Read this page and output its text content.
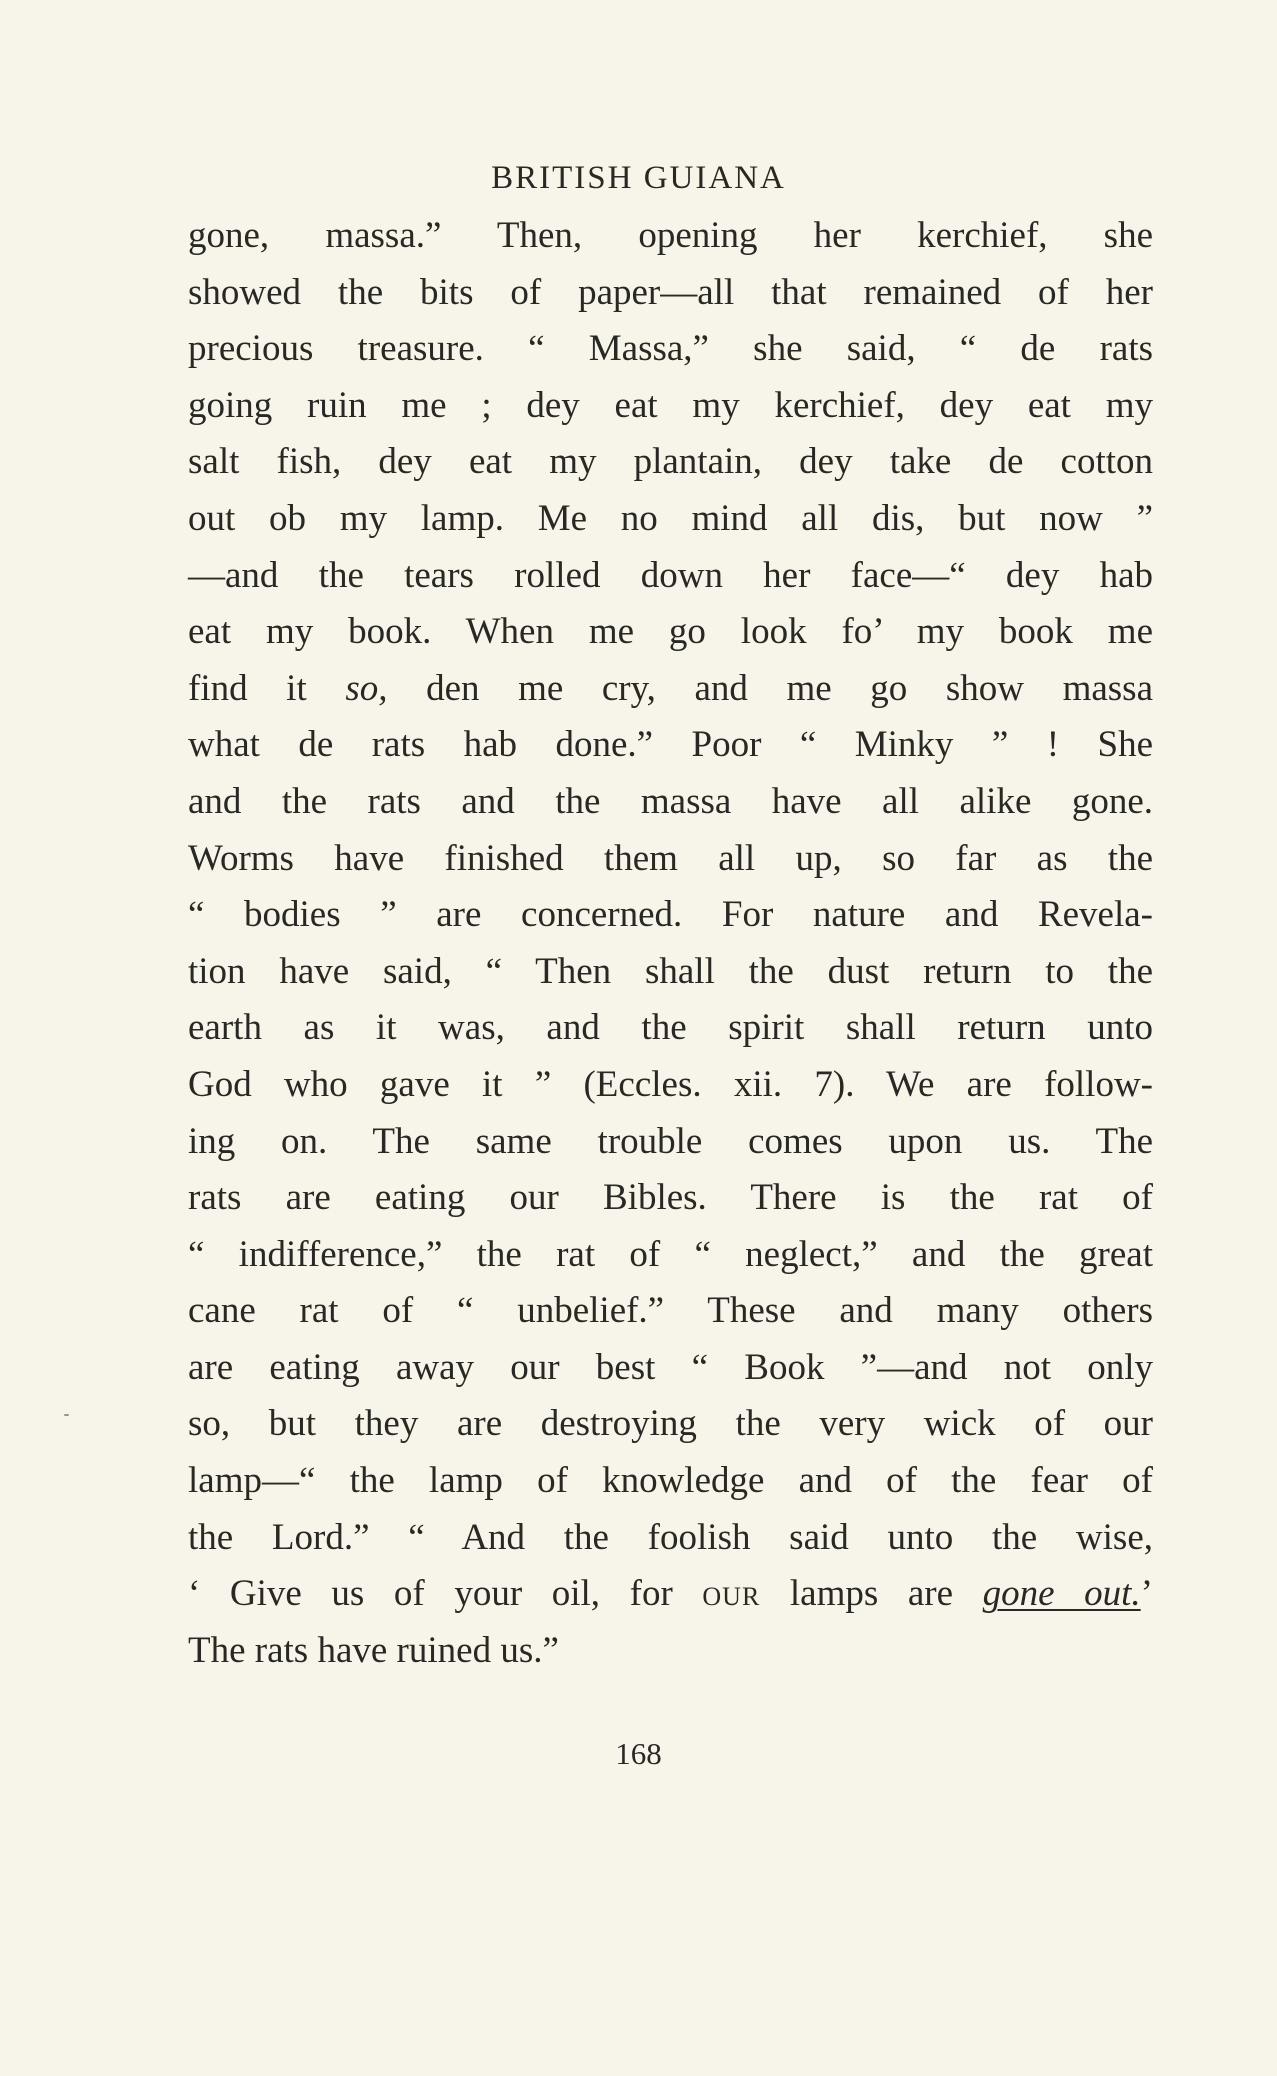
BRITISH GUIANA
gone, massa.” Then, opening her kerchief, she
showed the bits of paper—all that remained of her
precious treasure. “ Massa,” she said, “ de rats
going ruin me ; dey eat my kerchief, dey eat my
salt fish, dey eat my plantain, dey take de cotton
out ob my lamp. Me no mind all dis, but now ”
—and the tears rolled down her face—“ dey hab
eat my book. When me go look fo’ my book me
find it so, den me cry, and me go show massa
what de rats hab done.” Poor “ Minky ” ! She
and the rats and the massa have all alike gone.
Worms have finished them all up, so far as the
“ bodies ” are concerned. For nature and Revela-
tion have said, “ Then shall the dust return to the
earth as it was, and the spirit shall return unto
God who gave it ” (Eccles. xii. 7). We are follow-
ing on. The same trouble comes upon us. The
rats are eating our Bibles. There is the rat of
“ indifference,” the rat of “ neglect,” and the great
cane rat of “ unbelief.” These and many others
are eating away our best “ Book ”—and not only
so, but they are destroying the very wick of our
lamp—“ the lamp of knowledge and of the fear of
the Lord.” “ And the foolish said unto the wise,
‘ Give us of your oil, for our lamps are gone out.’
The rats have ruined us.”
168
